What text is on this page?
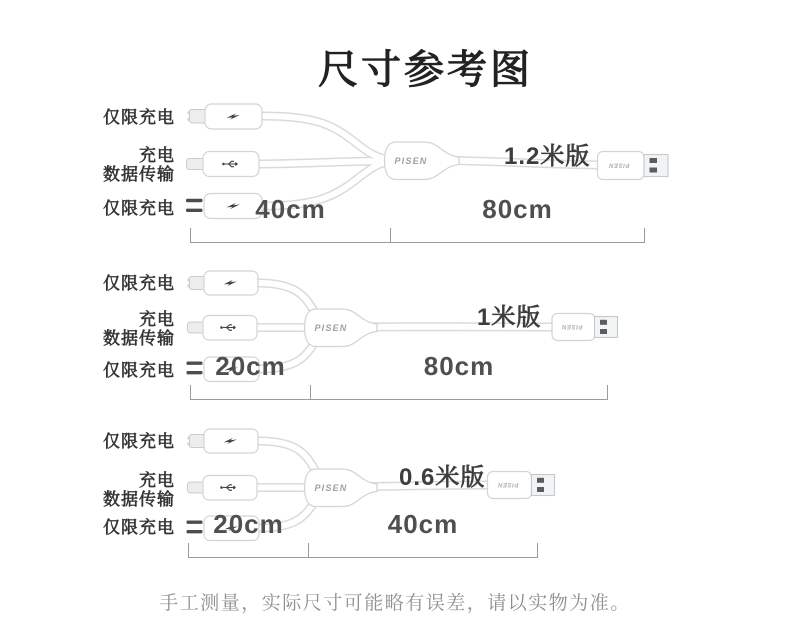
尺寸参考图
PISEN	PISEN
PISEN	PISEN
PISEN	PISEN
仅限充电
充电
数据传输
仅限充电
1.2米版
40cm	80cm
仅限充电
充电
数据传输
仅限充电
1米版
20cm	80cm
仅限充电
充电
数据传输
仅限充电
0.6米版
20cm	40cm
手工测量，实际尺寸可能略有误差，请以实物为准。
